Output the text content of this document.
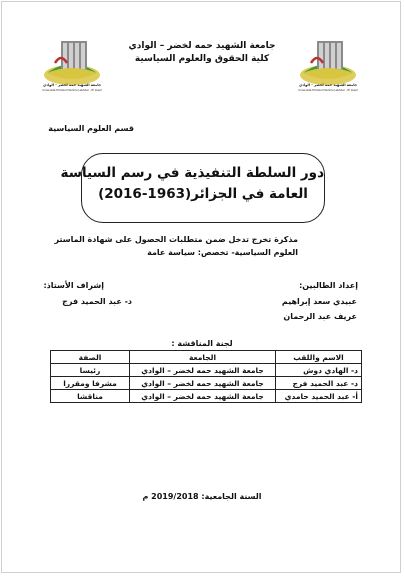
جامعة الشهيد حمه لخضر - الوادي
Université Echahid Hamma Lakhdar - El Oued
جامعة الشهيد حمه لخضر - الوادي
Université Echahid Hamma Lakhdar - El Oued
جامعة الشهيد حمه لخضر – الوادي
كلية الحقوق والعلوم السياسية
قسم العلوم السياسية
دور السلطة التنفيذية في رسم السياسة
العامة في الجزائر(1963-2016)
مذكرة تخرج تدخل ضمن متطلبات الحصول على شهادة الماستر
العلوم السياسية- تخصص: سياسة عامة
إعداد الطالبين:
عبيدي سعد إبراهيم
عريف عبد الرحمان
إشراف الأستاذ:
د- عبد الحميد فرج
لجنة المناقشة :
الاسم واللقب	الجامعة	الصفة
د- الهادي دوش	جامعة الشهيد حمه لخضر – الوادي	رئيسا
د- عبد الحميد فرج	جامعة الشهيد حمه لخضر – الوادي	مشرفا ومقررا
أ- عبد الحميد حامدي	جامعة الشهيد حمه لخضر – الوادي	مناقشا
السنة الجامعية: 2019/2018 م
